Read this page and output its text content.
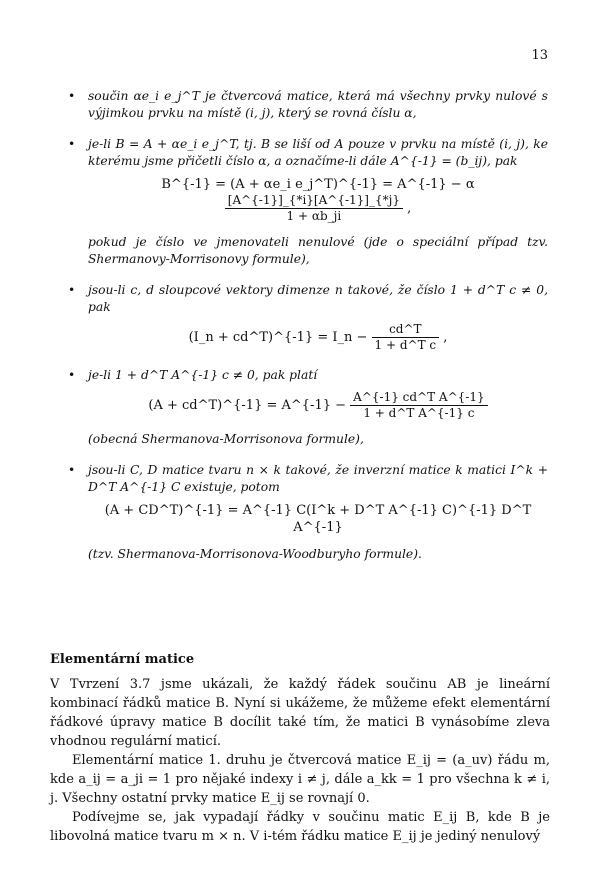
13
• součin αe_i e_j^T je čtvercová matice, která má všechny prvky nulové s výjimkou prvku na místě (i, j), který se rovná číslu α,
• je-li B = A + αe_i e_j^T, tj. B se liší od A pouze v prvku na místě (i, j), ke kterému jsme přičetli číslo α, a označíme-li dále A^{-1} = (b_ij), pak
B^{-1} = (A + αe_i e_j^T)^{-1} = A^{-1} − α
$\frac{[A\^{}\{-1\}]\_\{*i\}[A\^{}\{-1\}]\_\{*j\}}{1 + \alpha b\_ji}$ ,
pokud je číslo ve jmenovateli nenulové (jde o speciální případ tzv. Shermanovy-Morrisonovy formule),
• jsou-li c, d sloupcové vektory dimenze n takové, že číslo 1 + d^T c ≠ 0, pak
(I_n + cd^T)^{-1} = I_n − $\frac{cd\^{}T}{\text{1 + d\textasciicircum{}T c}}$ ,
• je-li 1 + d^T A^{-1} c ≠ 0, pak platí
(A + cd^T)^{-1} = A^{-1} − $\frac{\text{A\textasciicircum{}\{-1\} cd\textasciicircum{}T A\textasciicircum{}\{-1\}}}{\text{1 + d\textasciicircum{}T A\textasciicircum{}\{-1\} c}}$
(obecná Shermanova-Morrisonova formule),
• jsou-li C, D matice tvaru n × k takové, že inverzní matice k matici I^k + D^T A^{-1} C existuje, potom
(A + CD^T)^{-1} = A^{-1} C(I^k + D^T A^{-1} C)^{-1} D^T A^{-1}
(tzv. Shermanova-Morrisonova-Woodburyho formule).
Elementární matice

V Tvrzení 3.7 jsme ukázali, že každý řádek součinu AB je lineární kombinací řádků matice B. Nyní si ukážeme, že můžeme efekt elementární řádkové úpravy matice B docílit také tím, že matici B vynásobíme zleva vhodnou regulární maticí.

Elementární matice 1. druhu je čtvercová matice E_ij = (a_uv) řádu m, kde a_ij = a_ji = 1 pro nějaké indexy i ≠ j, dále a_kk = 1 pro všechna k ≠ i, j. Všechny ostatní prvky matice E_ij se rovnají 0.

Podívejme se, jak vypadají řádky v součinu matic E_ij B, kde B je libovolná matice tvaru m × n. V i-tém řádku matice E_ij je jediný nenulový
